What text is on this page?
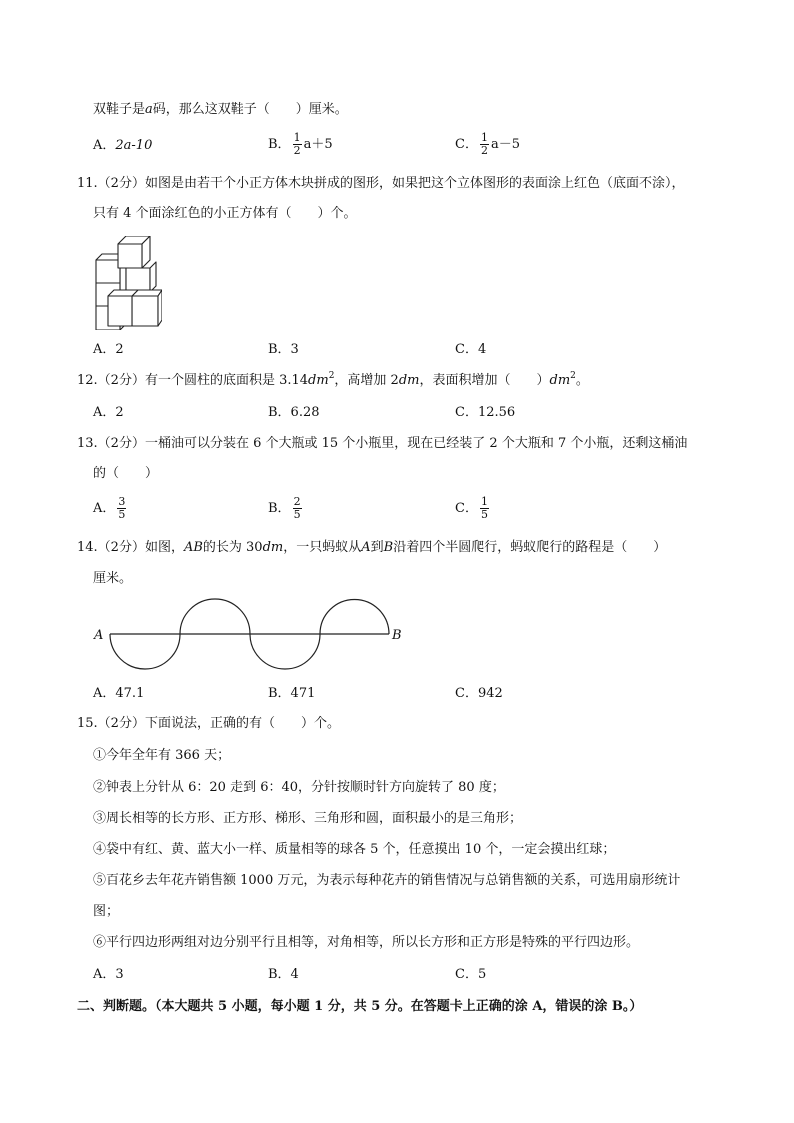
双鞋子是a码，那么这双鞋子（　　）厘米。
A．2a-10	B． $\frac{1}{2} a+5$	C． $\frac{1}{2} a-5$
11.（2分）如图是由若干个小正方体木块拼成的图形，如果把这个立体图形的表面涂上红色（底面不涂），
只有 4 个面涂红色的小正方体有（　　）个。
A．2	B．3	C．4
12.（2分）有一个圆柱的底面积是 $3.14dm^2$，高增加 2dm，表面积增加（　　）$dm^2$。
A．2	B．6.28	C．12.56
13.（2分）一桶油可以分装在 6 个大瓶或 15 个小瓶里，现在已经装了 2 个大瓶和 7 个小瓶，还剩这桶油
的（　　）
A． $\frac{3}{5}$	B． $\frac{2}{5}$	C． $\frac{1}{5}$
14.（2分）如图，AB的长为 30dm，一只蚂蚁从A到B沿着四个半圆爬行，蚂蚁爬行的路程是（　　）
厘米。
A	B
A．47.1	B．471	C．942
15.（2分）下面说法，正确的有（　　）个。
①今年全年有 366 天；
②钟表上分针从 6：20 走到 6：40，分针按顺时针方向旋转了 80 度；
③周长相等的长方形、正方形、梯形、三角形和圆，面积最小的是三角形；
④袋中有红、黄、蓝大小一样、质量相等的球各 5 个，任意摸出 10 个，一定会摸出红球；
⑤百花乡去年花卉销售额 1000 万元，为表示每种花卉的销售情况与总销售额的关系，可选用扇形统计
图；
⑥平行四边形两组对边分别平行且相等，对角相等，所以长方形和正方形是特殊的平行四边形。
A．3	B．4	C．5
二、判断题。（本大题共 5 小题，每小题 1 分，共 5 分。在答题卡上正确的涂 A，错误的涂 B。）
